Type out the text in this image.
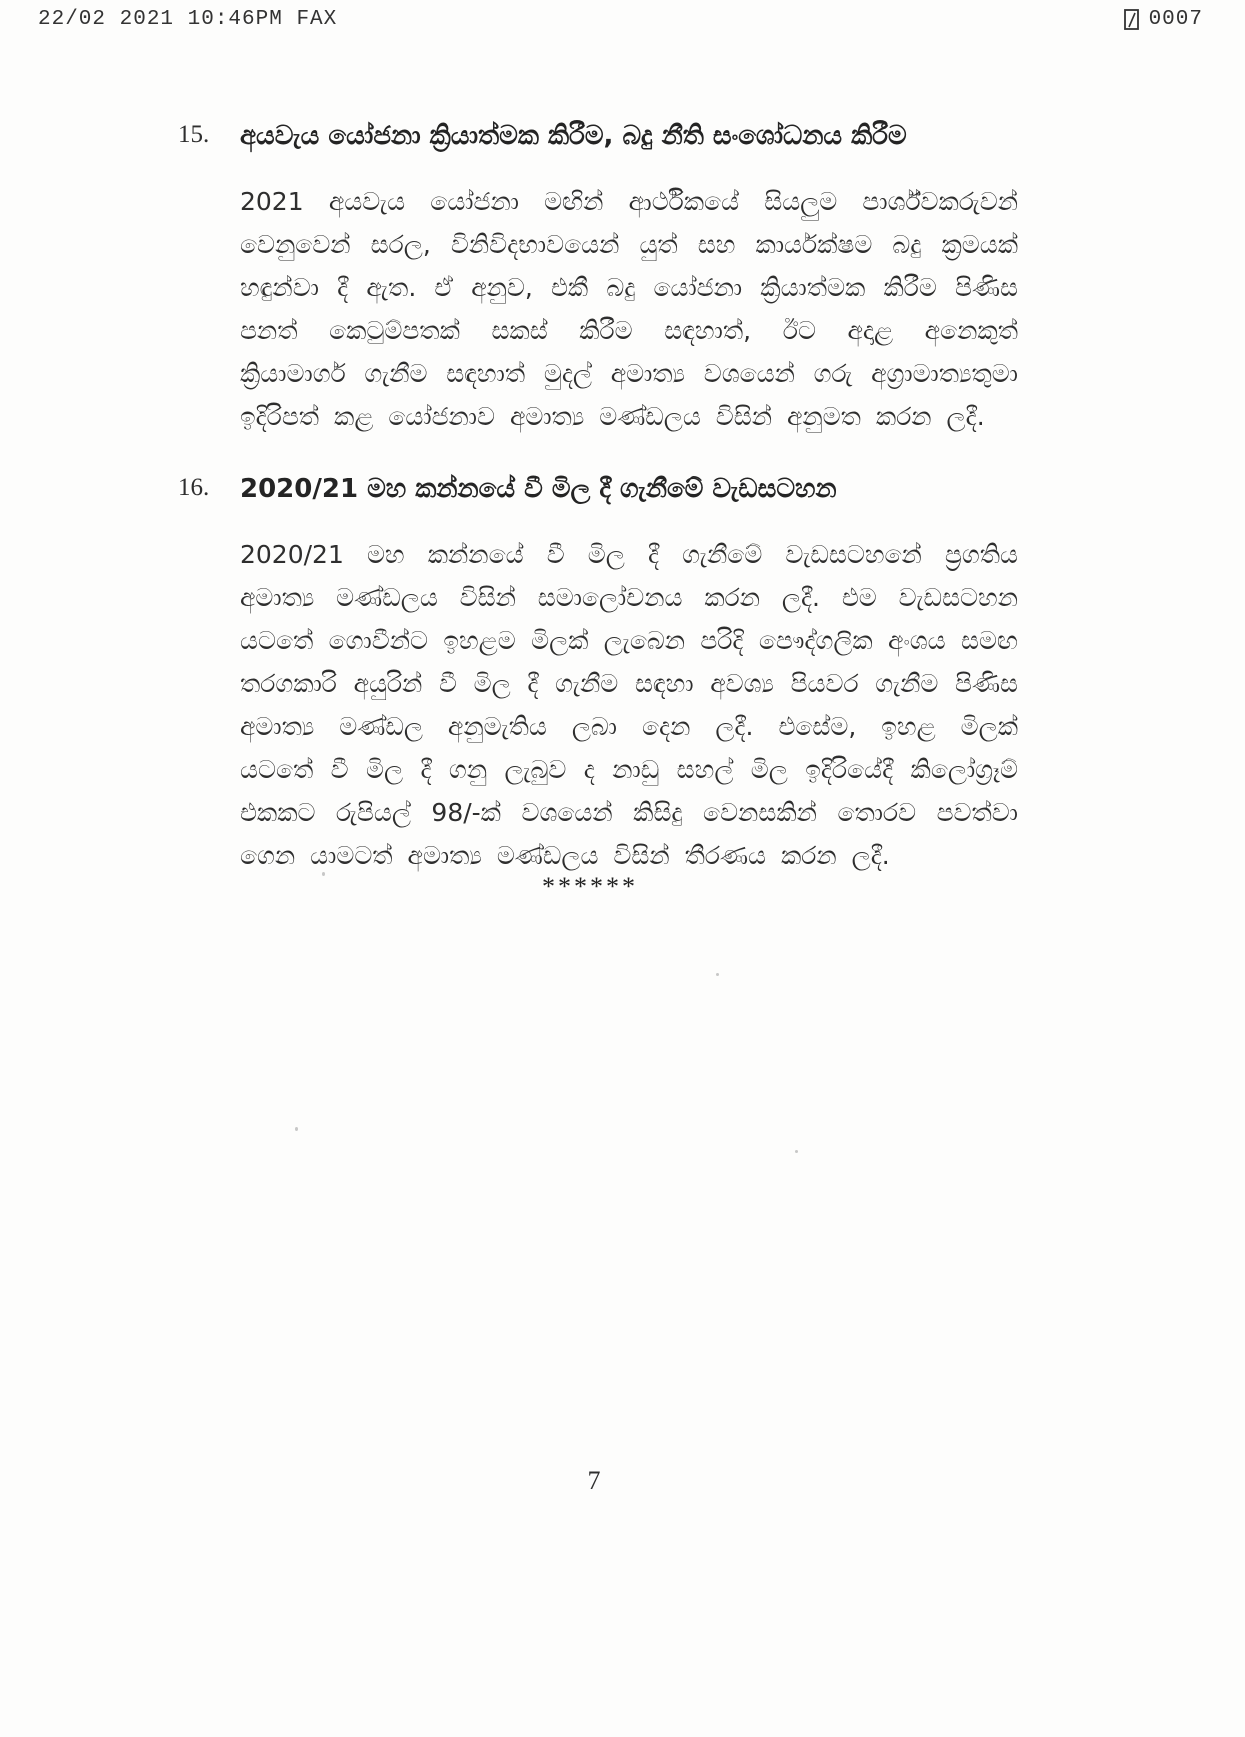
22/02 2021 10:46PM FAX	0007
15.	අයවැය යෝජනා ක්‍රියාත්මක කිරීම, බදු නීති සංශෝධනය කිරීම
2021 අයවැය යෝජනා මඟින් ආර්ථිකයේ සියලුම පාර්ශ්වකරුවන් වෙනුවෙන් සරල, විනිවිදභාවයෙන් යුත් සහ කාර්යක්ෂම බදු ක්‍රමයක් හඳුන්වා දී ඇත. ඒ අනුව, එකී බදු යෝජනා ක්‍රියාත්මක කිරීම පිණිස පනත් කෙටුම්පතක් සකස් කිරීම සඳහාත්, ඊට අදාළ අනෙකුත් ක්‍රියාමාර්ග ගැනීම සඳහාත් මුදල් අමාත්‍ය වශයෙන් ගරු අග්‍රාමාත්‍යතුමා ඉදිරිපත් කළ යෝජනාව අමාත්‍ය මණ්ඩලය විසින් අනුමත කරන ලදී.
16.	2020/21 මහ කන්නයේ වී මිල දී ගැනීමේ වැඩසටහන
2020/21 මහ කන්නයේ වී මිල දී ගැනීමේ වැඩසටහනේ ප්‍රගතිය අමාත්‍ය මණ්ඩලය විසින් සමාලෝචනය කරන ලදී. එම වැඩසටහන යටතේ ගොවීන්ට ඉහළම මිලක් ලැබෙන පරිදි පෞද්ගලික අංශය සමඟ තරගකාරි අයුරින් වී මිල දී ගැනීම සඳහා අවශ්‍ය පියවර ගැනීම පිණිස අමාත්‍ය මණ්ඩල අනුමැතිය ලබා දෙන ලදී. එසේම, ඉහළ මිලක් යටතේ වී මිල දී ගනු ලැබුව ද නාඩු සහල් මිල ඉදිරියේදී කිලෝග්‍රෑම් එකකට රුපියල් 98/-ක් වශයෙන් කිසිදු වෙනසකින් තොරව පවත්වා ගෙන යාමටත් අමාත්‍ය මණ්ඩලය විසින් තීරණය කරන ලදී.
******
7
